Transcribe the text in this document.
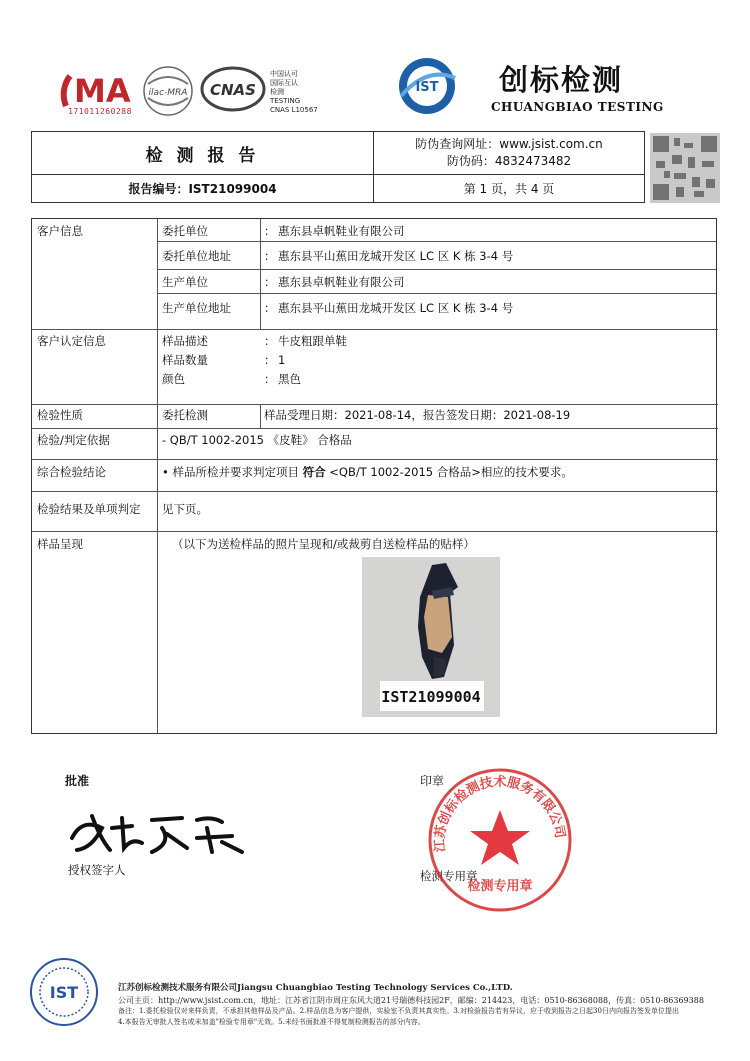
MA
171011260288
ilac-MRA CNAS
中国认可
国际互认
检测
TESTING
CNAS L10567
IST 创标检测
CHUANGBIAO TESTING
检 测 报 告
防伪查询网址：www.jsist.com.cn
防伪码：4832473482
报告编号：IST21099004	第 1 页，共 4 页
客户信息	委托单位	： 惠东县卓帆鞋业有限公司
委托单位地址	： 惠东县平山蕉田龙城开发区 LC 区 K 栋 3-4 号
生产单位	： 惠东县卓帆鞋业有限公司
生产单位地址	： 惠东县平山蕉田龙城开发区 LC 区 K 栋 3-4 号
客户认定信息	样品描述	： 牛皮粗跟单鞋
样品数量	： 1
颜色	： 黑色
检验性质	委托检测	样品受理日期：2021-08-14，报告签发日期：2021-08-19
检验/判定依据	- QB/T 1002-2015 《皮鞋》 合格品
综合检验结论	• 样品所检并要求判定项目 符合 <QB/T 1002-2015 合格品>相应的技术要求。
检验结果及单项判定 见下页。
样品呈现	（以下为送检样品的照片呈现和/或裁剪自送检样品的贴样）
IST21099004
批准
授权签字人
印章
检测专用章
江苏创标检测技术服务有限公司
检测专用章
IST	江苏创标检测技术服务有限公司Jiangsu Chuangbiao Testing Technology Services Co.,LTD.
公司主页：http://www.jsist.com.cn，地址：江苏省江阴市周庄东风大道21号瑞德科技园2F，邮编：214423，电话：0510-86368088，传真：0510-86369388
备注：1.委托检验仅对来样负责，不承担其他样品及产品。2.样品信息为客户提供，实验室不负责其真实性。3.对检验报告若有异议，应于收到报告之日起30日内向报告签发单位提出
4.本报告无审批人签名或未加盖"检验专用章"无效。5.未经书面批准不得复制检测报告的部分内容。
